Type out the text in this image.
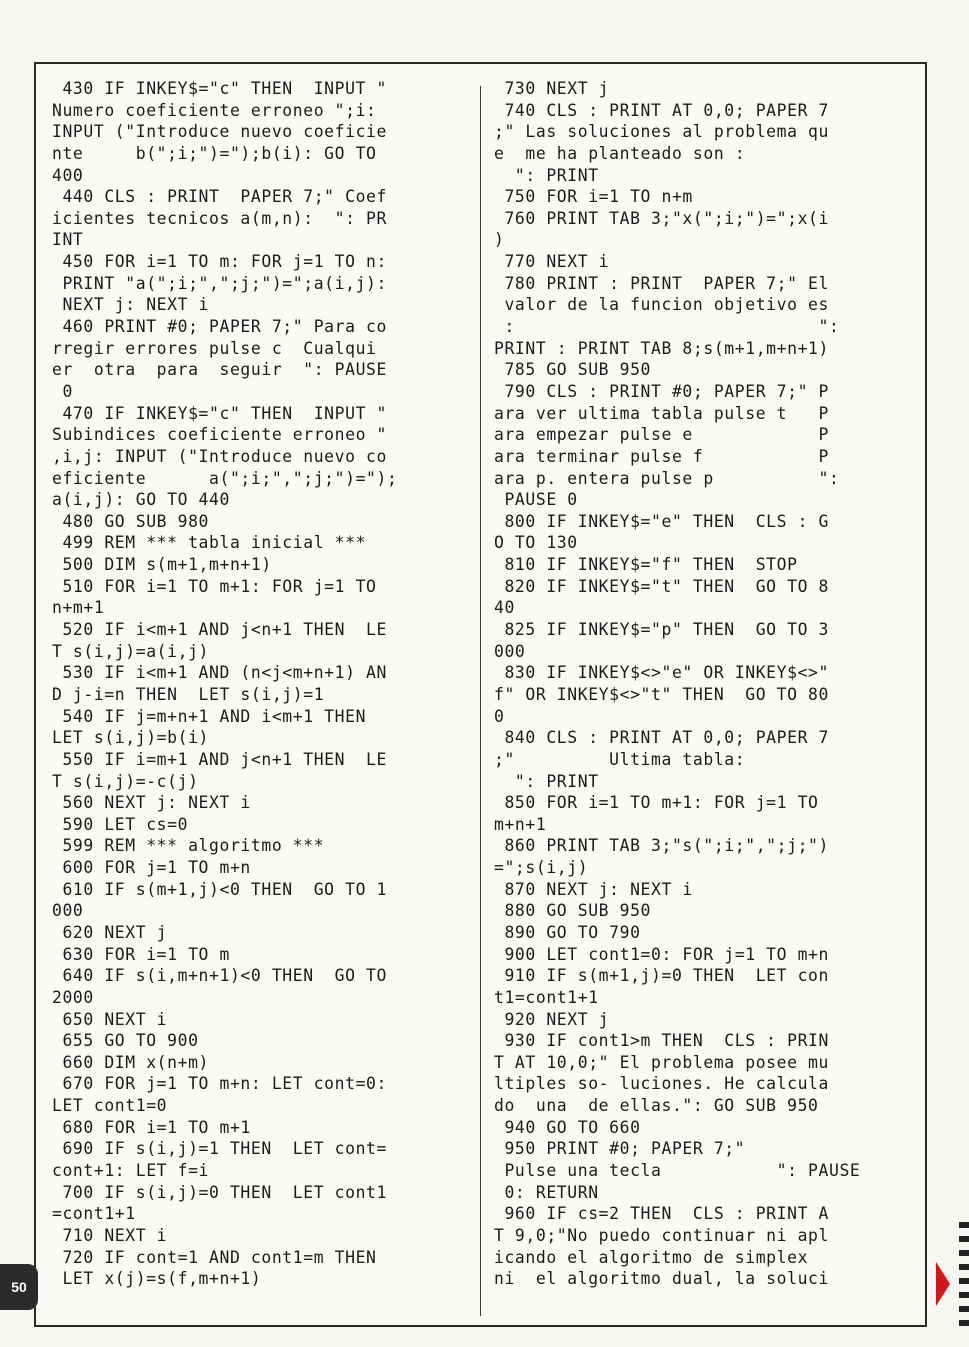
430 IF INKEY$="c" THEN  INPUT "
Numero coeficiente erroneo ";i:
INPUT ("Introduce nuevo coeficie
nte     b(";i;")=");b(i): GO TO
400
440 CLS : PRINT  PAPER 7;" Coef
icientes tecnicos a(m,n):  ": PR
INT
450 FOR i=1 TO m: FOR j=1 TO n:
PRINT "a(";i;",";j;")=";a(i,j):
NEXT j: NEXT i
460 PRINT #0; PAPER 7;" Para co
rregir errores pulse c  Cualqui
er  otra  para  seguir  ": PAUSE
0
470 IF INKEY$="c" THEN  INPUT "
Subindices coeficiente erroneo "
,i,j: INPUT ("Introduce nuevo co
eficiente      a(";i;",";j;")=");
a(i,j): GO TO 440
480 GO SUB 980
499 REM *** tabla inicial ***
500 DIM s(m+1,m+n+1)
510 FOR i=1 TO m+1: FOR j=1 TO
n+m+1
520 IF i<m+1 AND j<n+1 THEN  LE
T s(i,j)=a(i,j)
530 IF i<m+1 AND (n<j<m+n+1) AN
D j-i=n THEN  LET s(i,j)=1
540 IF j=m+n+1 AND i<m+1 THEN
LET s(i,j)=b(i)
550 IF i=m+1 AND j<n+1 THEN  LE
T s(i,j)=-c(j)
560 NEXT j: NEXT i
590 LET cs=0
599 REM *** algoritmo ***
600 FOR j=1 TO m+n
610 IF s(m+1,j)<0 THEN  GO TO 1
000
620 NEXT j
630 FOR i=1 TO m
640 IF s(i,m+n+1)<0 THEN  GO TO
2000
650 NEXT i
655 GO TO 900
660 DIM x(n+m)
670 FOR j=1 TO m+n: LET cont=0:
LET cont1=0
680 FOR i=1 TO m+1
690 IF s(i,j)=1 THEN  LET cont=
cont+1: LET f=i
700 IF s(i,j)=0 THEN  LET cont1
=cont1+1
710 NEXT i
720 IF cont=1 AND cont1=m THEN
LET x(j)=s(f,m+n+1)
730 NEXT j
740 CLS : PRINT AT 0,0; PAPER 7
;" Las soluciones al problema qu
e  me ha planteado son :
": PRINT
750 FOR i=1 TO n+m
760 PRINT TAB 3;"x(";i;")=";x(i
)
770 NEXT i
780 PRINT : PRINT  PAPER 7;" El
valor de la funcion objetivo es
:                             ":
PRINT : PRINT TAB 8;s(m+1,m+n+1)
785 GO SUB 950
790 CLS : PRINT #0; PAPER 7;" P
ara ver ultima tabla pulse t   P
ara empezar pulse e            P
ara terminar pulse f           P
ara p. entera pulse p          ":
PAUSE 0
800 IF INKEY$="e" THEN  CLS : G
O TO 130
810 IF INKEY$="f" THEN  STOP
820 IF INKEY$="t" THEN  GO TO 8
40
825 IF INKEY$="p" THEN  GO TO 3
000
830 IF INKEY$<>"e" OR INKEY$<>"
f" OR INKEY$<>"t" THEN  GO TO 80
0
840 CLS : PRINT AT 0,0; PAPER 7
;"         Ultima tabla:
": PRINT
850 FOR i=1 TO m+1: FOR j=1 TO
m+n+1
860 PRINT TAB 3;"s(";i;",";j;")
=";s(i,j)
870 NEXT j: NEXT i
880 GO SUB 950
890 GO TO 790
900 LET cont1=0: FOR j=1 TO m+n
910 IF s(m+1,j)=0 THEN  LET con
t1=cont1+1
920 NEXT j
930 IF cont1>m THEN  CLS : PRIN
T AT 10,0;" El problema posee mu
ltiples so- luciones. He calcula
do  una  de ellas.": GO SUB 950
940 GO TO 660
950 PRINT #0; PAPER 7;"
Pulse una tecla           ": PAUSE
0: RETURN
960 IF cs=2 THEN  CLS : PRINT A
T 9,0;"No puedo continuar ni apl
icando el algoritmo de simplex
ni  el algoritmo dual, la soluci
50
